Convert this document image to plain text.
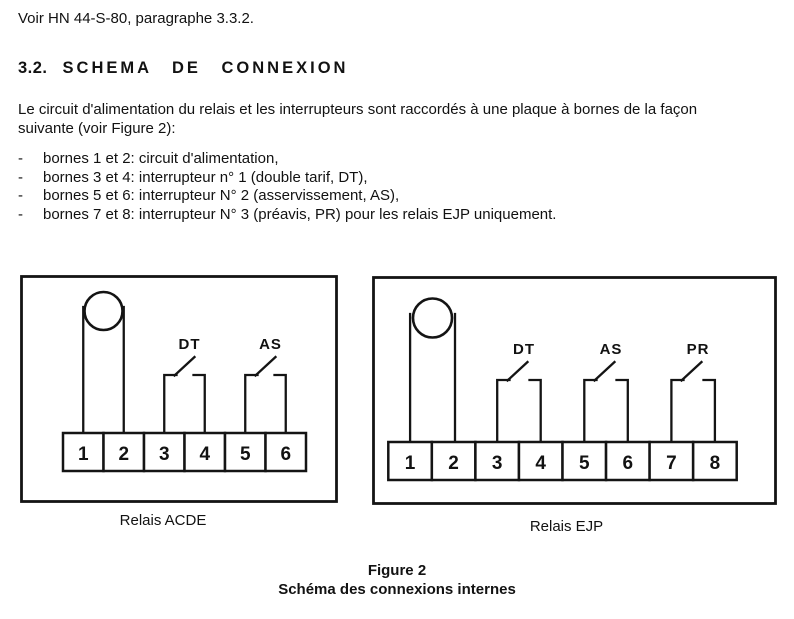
Voir HN 44-S-80, paragraphe 3.3.2.
3.2. SCHEMA DE CONNEXION
Le circuit d'alimentation du relais et les interrupteurs sont raccordés à une plaque à bornes de la façon
suivante (voir Figure 2):
-	bornes 1 et 2: circuit d'alimentation,
-	bornes 3 et 4: interrupteur n° 1 (double tarif, DT),
-	bornes 5 et 6: interrupteur N° 2 (asservissement, AS),
-	bornes 7 et 8: interrupteur N° 3 (préavis, PR) pour les relais EJP uniquement.
DT	AS
1 2 3 4 5 6
DT	AS	PR
1 2 3 4 5 6 7 8
Relais ACDE	Relais EJP
Figure 2
Schéma des connexions internes
